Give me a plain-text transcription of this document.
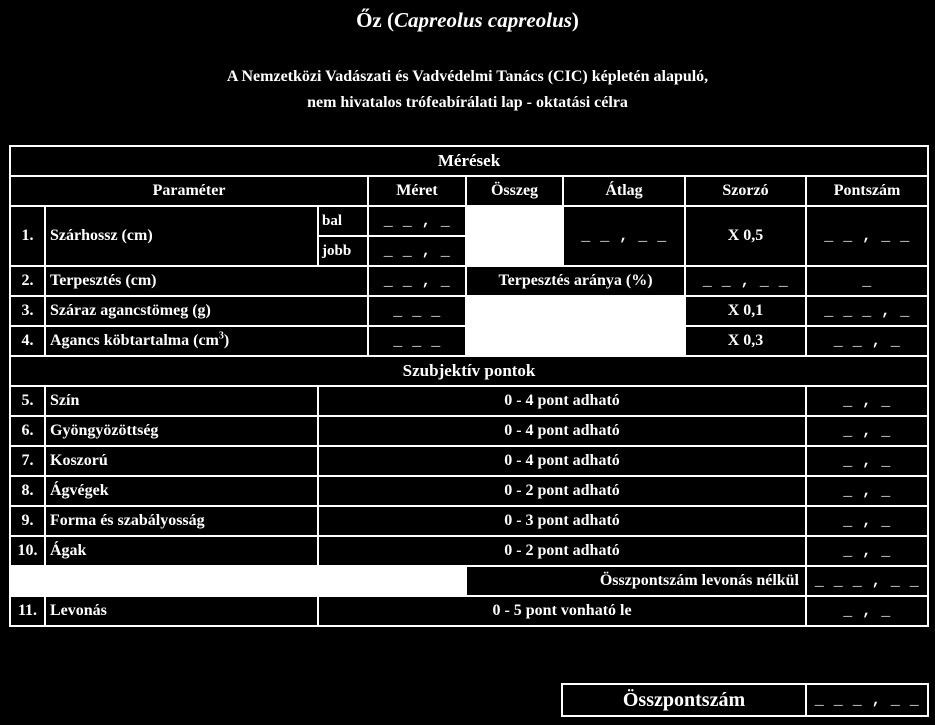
Őz (Capreolus capreolus)
A Nemzetközi Vadászati és Vadvédelmi Tanács (CIC) képletén alapuló,
nem hivatalos trófeabírálati lap - oktatási célra
Mérések							
Paraméter			Méret	Összeg	Átlag	Szorzó	Pontszám
1.	Szárhossz (cm)	bal	_ _ , _		_ _ , _ _	X 0,5	_ _ , _ _
		jobb	_ _ , _				
2.	Terpesztés (cm)		_ _ , _	Terpesztés aránya (%)		_ _ , _ _	_
3.	Száraz agancstömeg (g)		_ _ _			X 0,1	_ _ _ , _
4.	Agancs köbtartalma $(cm^3)$		_ _ _			X 0,3	_ _ , _
Szubjektív pontok							
5.	Szín	0 - 4 pont adható					_ , _
6.	Gyöngyözöttség	0 - 4 pont adható					_ , _
7.	Koszorú	0 - 4 pont adható					_ , _
8.	Ágvégek	0 - 2 pont adható					_ , _
9.	Forma és szabályosság	0 - 3 pont adható					_ , _
10.	Ágak	0 - 2 pont adható					_ , _
				Összpontszám levonás nélkül			_ _ _ , _ _
11.	Levonás	0 - 5 pont vonható le					_ , _
Összpontszám	_ _ _ , _ _
